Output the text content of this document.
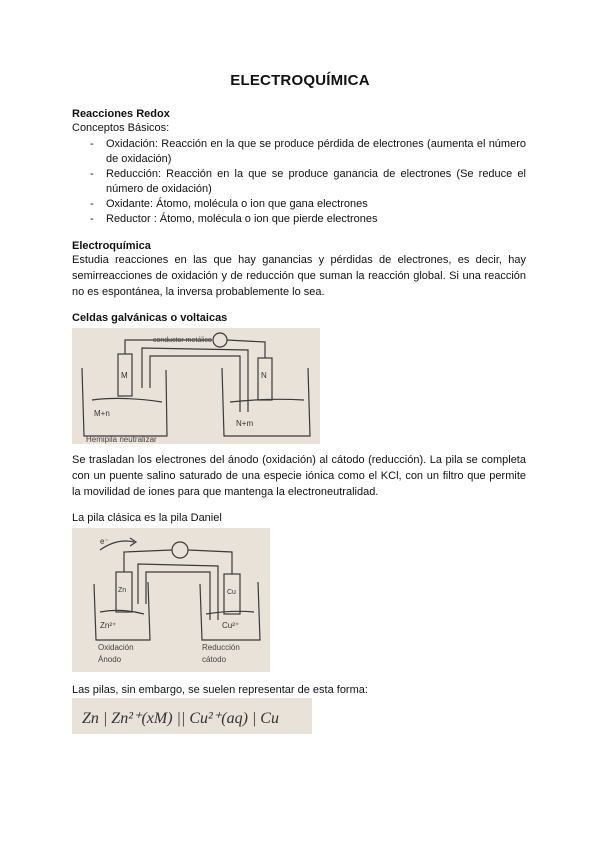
ELECTROQUÍMICA
Reacciones Redox
Conceptos Básicos:
- Oxidación: Reacción en la que se produce pérdida de electrones (aumenta el número de oxidación)
- Reducción: Reacción en la que se produce ganancia de electrones (Se reduce el número de oxidación)
- Oxidante: Átomo, molécula o ion que gana electrones
- Reductor : Átomo, molécula o ion que pierde electrones
Electroquímica
Estudia reacciones en las que hay ganancias y pérdidas de electrones, es decir, hay semirreacciones de oxidación y de reducción que suman la reacción global. Si una reacción no es espontánea, la inversa probablemente lo sea.
Celdas galvánicas o voltaicas
conductor metálico
M	N
M+n
N+m
Hemipila neutralizar
Se trasladan los electrones del ánodo (oxidación) al cátodo (reducción). La pila se completa con un puente salino saturado de una especie iónica como el KCl, con un filtro que permite la movilidad de iones para que mantenga la electroneutralidad.
La pila clásica es la pila Daniel
e⁻
Zn	Cu
Zn²⁺	Cu²⁺
Oxidación
Ánodo
Reducción
cátodo
Las pilas, sin embargo, se suelen representar de esta forma:
Zn | Zn²⁺(xM) || Cu²⁺(aq) | Cu
